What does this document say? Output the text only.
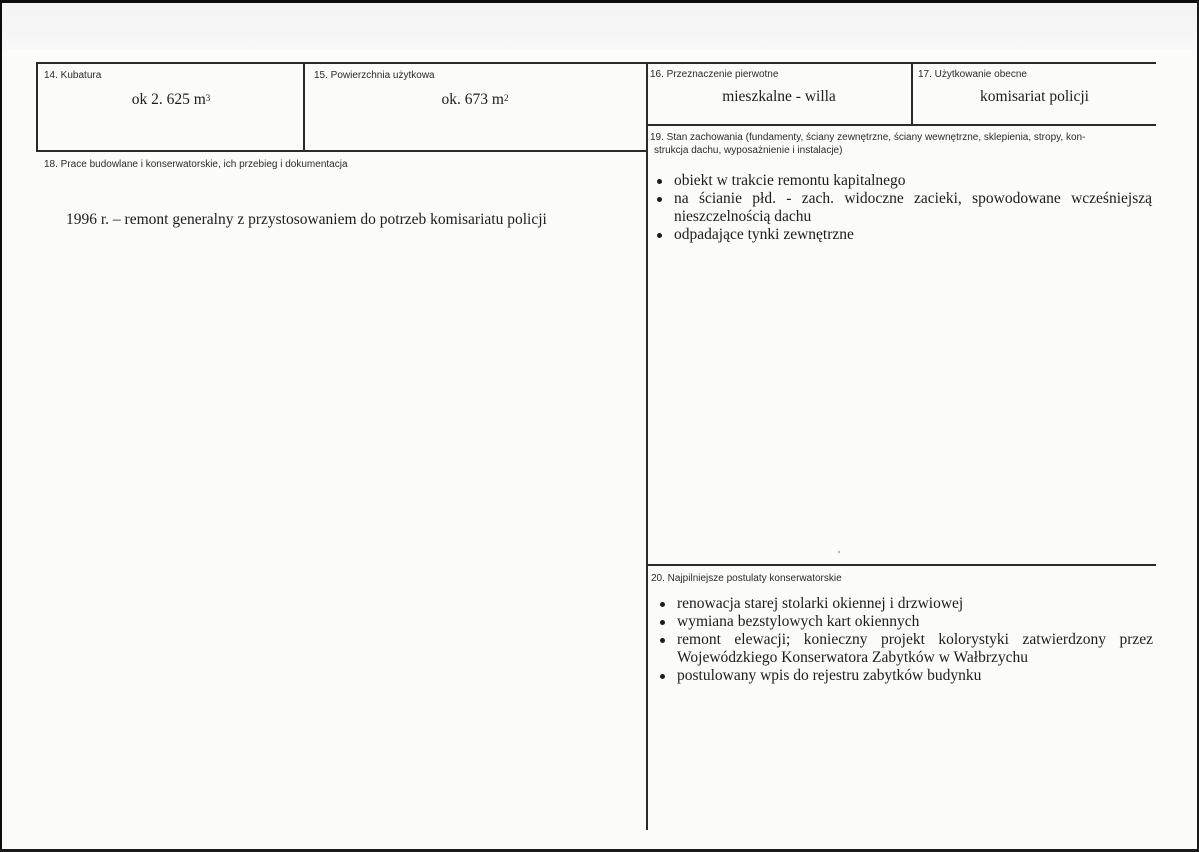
14. Kubatura
ok 2. 625 $m^3$
15. Powierzchnia użytkowa
ok. 673 $m^2$
16. Przeznaczenie pierwotne
mieszkalne - willa
17. Użytkowanie obecne
komisariat policji
18. Prace budowlane i konserwatorskie, ich przebieg i dokumentacja
1996 r. – remont generalny z przystosowaniem do potrzeb komisariatu policji
19. Stan zachowania (fundamenty, ściany zewnętrzne, ściany wewnętrzne, sklepienia, stropy, kon-
strukcja dachu, wyposażnienie i instalacje)
obiekt w trakcie remontu kapitalnego
na ścianie płd. - zach. widoczne zacieki, spowodowane wcześniejszą nieszczelnością dachu
odpadające tynki zewnętrzne
20. Najpilniejsze postulaty konserwatorskie
renowacja starej stolarki okiennej i drzwiowej
wymiana bezstylowych kart okiennych
remont elewacji; konieczny projekt kolorystyki zatwierdzony przez Wojewódzkiego Konserwatora Zabytków w Wałbrzychu
postulowany wpis do rejestru zabytków budynku
